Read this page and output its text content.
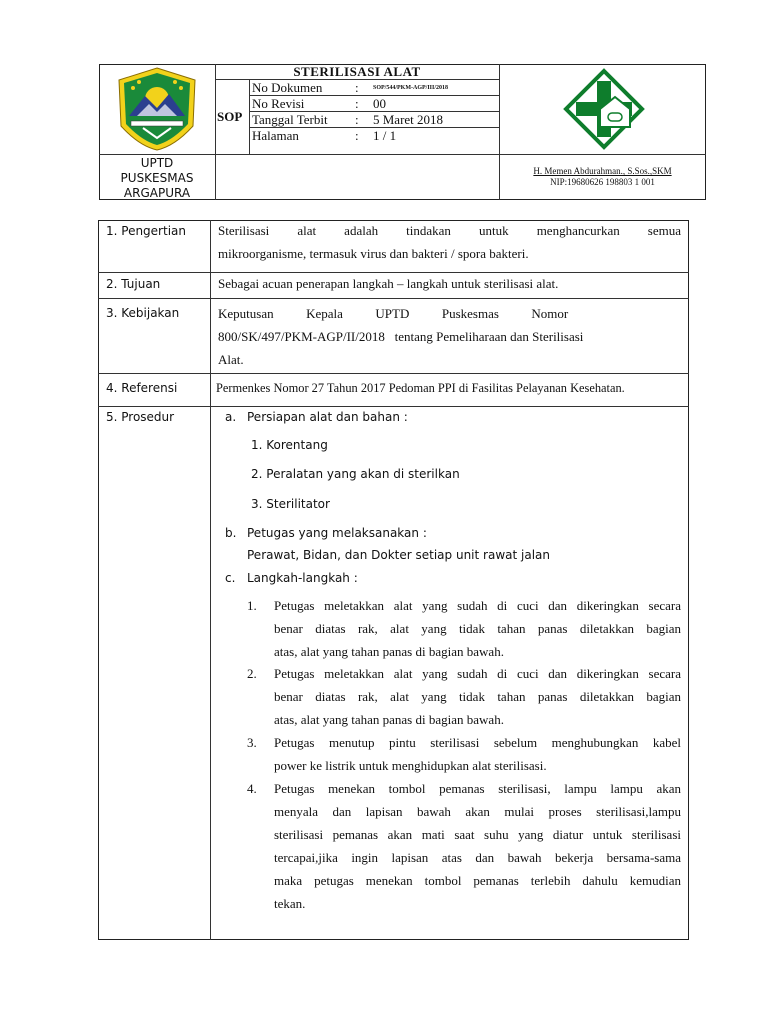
STERILISASI ALAT
SOP
No Dokumen	: SOP/544/PKM-AGP/III/2018
No Revisi	: 00
Tanggal Terbit : 5 Maret 2018
Halaman	: 1 / 1
UPTD
PUSKESMAS
ARGAPURA
H. Memen Abdurahman., S.Sos.,SKM
NIP:19680626 198803 1 001
1. Pengertian Sterilisasi alat adalah tindakan untuk menghancurkan semua
mikroorganisme, termasuk virus dan bakteri / spora bakteri.
2. Tujuan	Sebagai acuan penerapan langkah – langkah untuk sterilisasi alat.
3. Kebijakan	Keputusan          Kepala          UPTD          Puskesmas          Nomor
800/SK/497/PKM-AGP/II/2018   tentang Pemeliharaan dan Sterilisasi
Alat.
4. Referensi	Permenkes Nomor 27 Tahun 2017 Pedoman PPI di Fasilitas Pelayanan Kesehatan.
5. Prosedur	a. Persiapan alat dan bahan :
1. Korentang
2. Peralatan yang akan di sterilkan
3. Sterilitator
b. Petugas yang melaksanakan :
Perawat, Bidan, dan Dokter setiap unit rawat jalan
c. Langkah-langkah :
1. Petugas meletakkan alat yang sudah di cuci dan dikeringkan secara
benar diatas rak, alat yang tidak tahan panas diletakkan bagian
atas, alat yang tahan panas di bagian bawah.
2. Petugas meletakkan alat yang sudah di cuci dan dikeringkan secara
benar diatas rak, alat yang tidak tahan panas diletakkan bagian
atas, alat yang tahan panas di bagian bawah.
3. Petugas menutup pintu sterilisasi sebelum menghubungkan kabel
power ke listrik untuk menghidupkan alat sterilisasi.
4. Petugas menekan tombol pemanas sterilisasi, lampu lampu akan
menyala dan lapisan bawah akan mulai proses sterilisasi,lampu
sterilisasi pemanas akan mati saat suhu yang diatur untuk sterilisasi
tercapai,jika ingin lapisan atas dan bawah bekerja bersama-sama
maka petugas menekan tombol pemanas terlebih dahulu kemudian
tekan.
